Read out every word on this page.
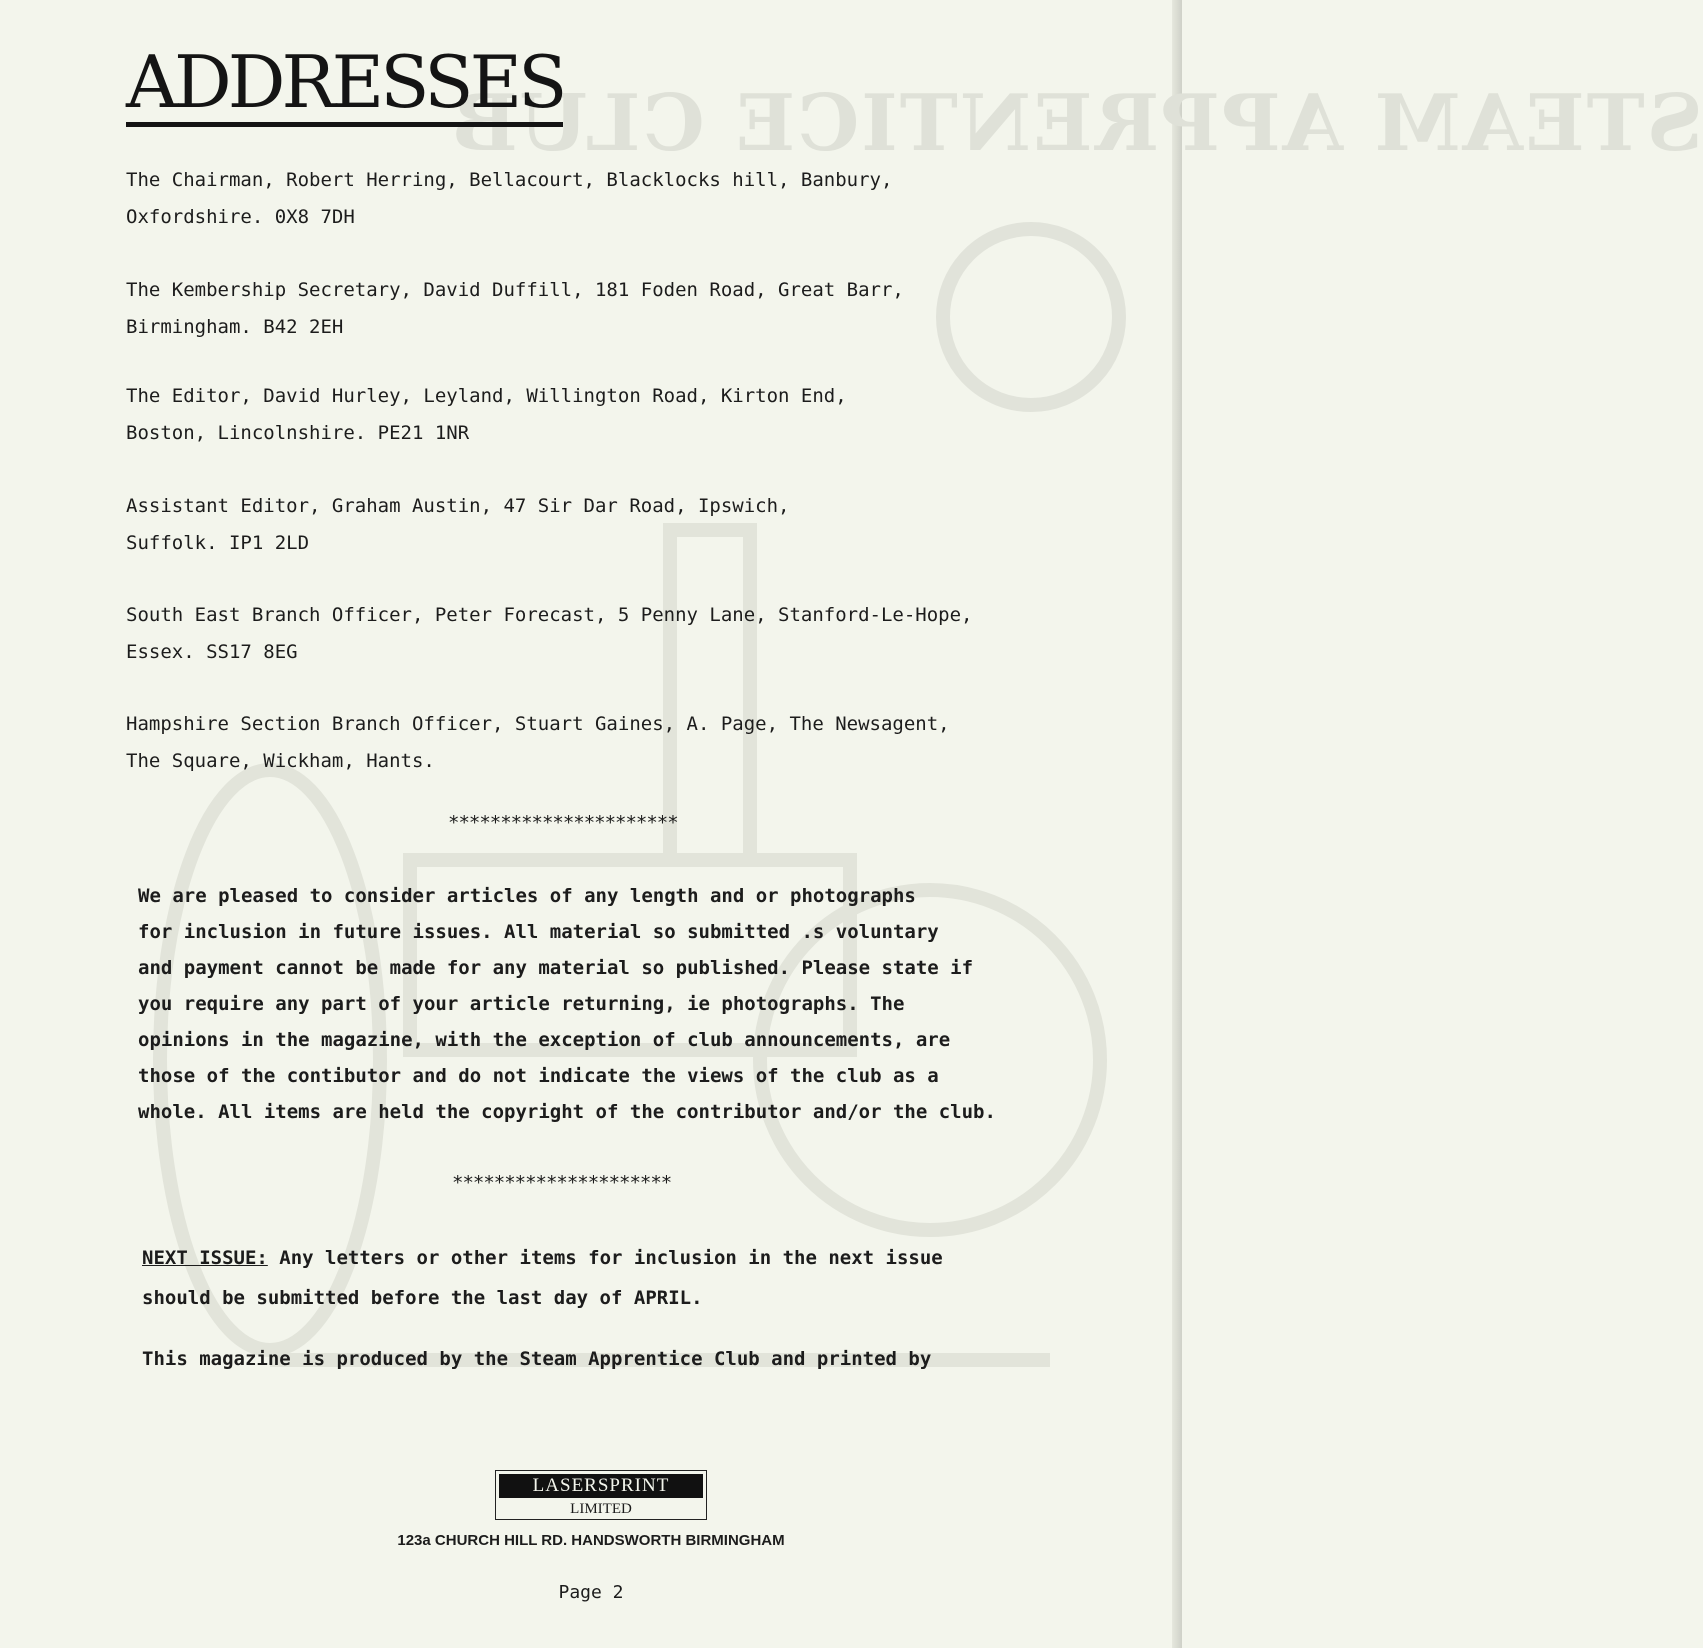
STEAM APPRENTICE CLUB
ADDRESSES
The Chairman, Robert Herring, Bellacourt, Blacklocks hill, Banbury,
Oxfordshire. 0X8 7DH
The Kembership Secretary, David Duffill, 181 Foden Road, Great Barr,
Birmingham. B42 2EH
The Editor, David Hurley, Leyland, Willington Road, Kirton End,
Boston, Lincolnshire. PE21 1NR
Assistant Editor, Graham Austin, 47 Sir Dar Road, Ipswich,
Suffolk. IP1 2LD
South East Branch Officer, Peter Forecast, 5 Penny Lane, Stanford-Le-Hope,
Essex. SS17 8EG
Hampshire Section Branch Officer, Stuart Gaines, A. Page, The Newsagent,
The Square, Wickham, Hants.
**********************

We are pleased to consider articles of any length and or photographs

for inclusion in future issues. All material so submitted .s voluntary

and payment cannot be made for any material so published. Please state if

you require any part of your article returning, ie photographs. The

opinions in the magazine, with the exception of club announcements, are

those of the contibutor and do not indicate the views of the club as a

whole. All items are held the copyright of the contributor and/or the club.

*********************
NEXT ISSUE: Any letters or other items for inclusion in the next issue
should be submitted before the last day of APRIL.
This magazine is produced by the Steam Apprentice Club and printed by
LASERSPRINT
LIMITED
123a CHURCH HILL RD. HANDSWORTH BIRMINGHAM
Page 2
